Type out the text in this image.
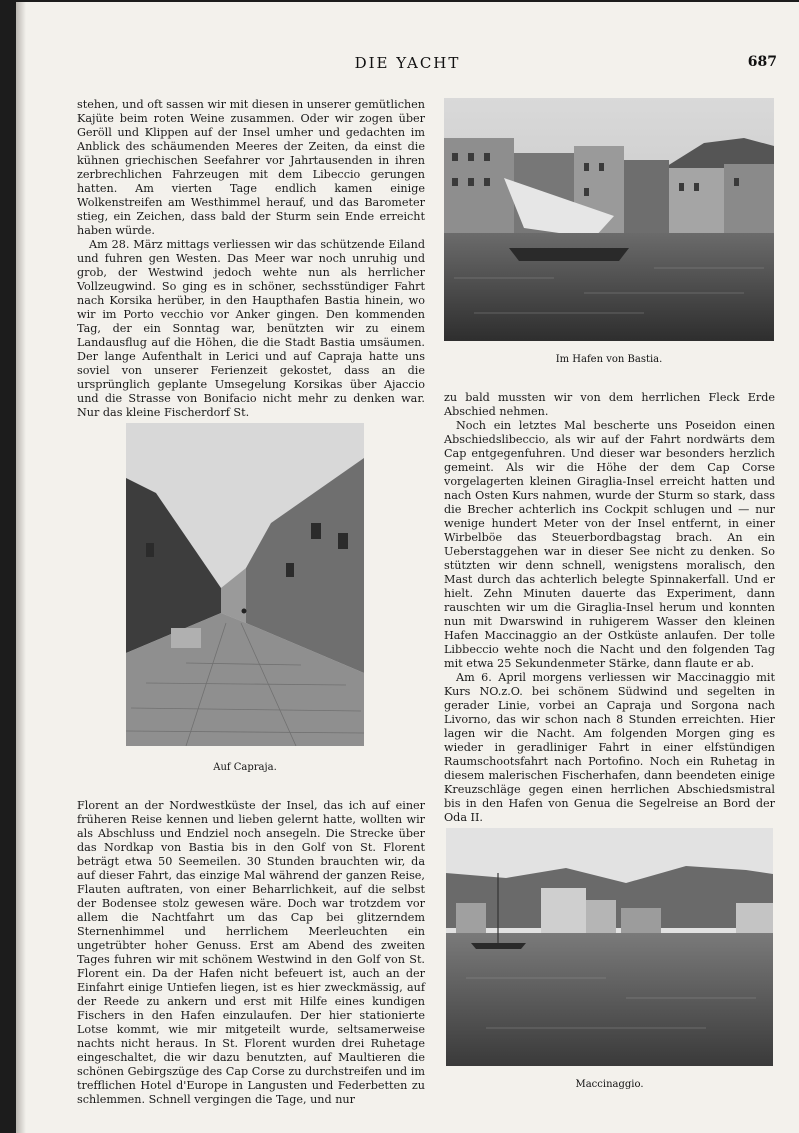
DIE YACHT	687

stehen, und oft sassen wir mit diesen in unserer gemütlichen Kajüte beim roten Weine zusammen. Oder wir zogen über Geröll und Klippen auf der Insel umher und gedachten im Anblick des schäumenden Meeres der Zeiten, da einst die kühnen griechischen Seefahrer vor Jahrtausenden in ihren zerbrechlichen Fahrzeugen mit dem Libeccio gerungen hatten. Am vierten Tage endlich kamen einige Wolkenstreifen am Westhimmel herauf, und das Barometer stieg, ein Zeichen, dass bald der Sturm sein Ende erreicht haben würde.

Am 28. März mittags verliessen wir das schützende Eiland und fuhren gen Westen. Das Meer war noch unruhig und grob, der Westwind jedoch wehte nun als herrlicher Vollzeugwind. So ging es in schöner, sechsstündiger Fahrt nach Korsika herüber, in den Haupthafen Bastia hinein, wo wir im Porto vecchio vor Anker gingen. Den kommenden Tag, der ein Sonntag war, benützten wir zu einem Landausflug auf die Höhen, die die Stadt Bastia umsäumen. Der lange Aufenthalt in Lerici und auf Capraja hatte uns soviel von unserer Ferienzeit gekostet, dass an die ursprünglich geplante Umsegelung Korsikas über Ajaccio und die Strasse von Bonifacio nicht mehr zu denken war. Nur das kleine Fischerdorf St.

Im Hafen von Bastia.
Auf Capraja.

Florent an der Nordwestküste der Insel, das ich auf einer früheren Reise kennen und lieben gelernt hatte, wollten wir als Abschluss und Endziel noch ansegeln. Die Strecke über das Nordkap von Bastia bis in den Golf von St. Florent beträgt etwa 50 Seemeilen. 30 Stunden brauchten wir, da auf dieser Fahrt, das einzige Mal während der ganzen Reise, Flauten auftraten, von einer Beharrlichkeit, auf die selbst der Bodensee stolz gewesen wäre. Doch war trotzdem vor allem die Nachtfahrt um das Cap bei glitzerndem Sternenhimmel und herrlichem Meerleuchten ein ungetrübter hoher Genuss. Erst am Abend des zweiten Tages fuhren wir mit schönem Westwind in den Golf von St. Florent ein. Da der Hafen nicht befeuert ist, auch an der Einfahrt einige Untiefen liegen, ist es hier zweckmässig, auf der Reede zu ankern und erst mit Hilfe eines kundigen Fischers in den Hafen einzulaufen. Der hier stationierte Lotse kommt, wie mir mitgeteilt wurde, seltsamerweise nachts nicht heraus. In St. Florent wurden drei Ruhetage eingeschaltet, die wir dazu benutzten, auf Maultieren die schönen Gebirgszüge des Cap Corse zu durchstreifen und im trefflichen Hotel d'Europe in Langusten und Federbetten zu schlemmen. Schnell vergingen die Tage, und nur

zu bald mussten wir von dem herrlichen Fleck Erde Abschied nehmen.

Noch ein letztes Mal bescherte uns Poseidon einen Abschiedslibeccio, als wir auf der Fahrt nordwärts dem Cap entgegenfuhren. Und dieser war besonders herzlich gemeint. Als wir die Höhe der dem Cap Corse vorgelagerten kleinen Giraglia-Insel erreicht hatten und nach Osten Kurs nahmen, wurde der Sturm so stark, dass die Brecher achterlich ins Cockpit schlugen und — nur wenige hundert Meter von der Insel entfernt, in einer Wirbelböe das Steuerbordbagstag brach. An ein Ueberstaggehen war in dieser See nicht zu denken. So stützten wir denn schnell, wenigstens moralisch, den Mast durch das achterlich belegte Spinnakerfall. Und er hielt. Zehn Minuten dauerte das Experiment, dann rauschten wir um die Giraglia-Insel herum und konnten nun mit Dwarswind in ruhigerem Wasser den kleinen Hafen Maccinaggio an der Ostküste anlaufen. Der tolle Libbeccio wehte noch die Nacht und den folgenden Tag mit etwa 25 Sekundenmeter Stärke, dann flaute er ab.

Am 6. April morgens verliessen wir Maccinaggio mit Kurs NO.z.O. bei schönem Südwind und segelten in gerader Linie, vorbei an Capraja und Sorgona nach Livorno, das wir schon nach 8 Stunden erreichten. Hier lagen wir die Nacht. Am folgenden Morgen ging es wieder in geradliniger Fahrt in einer elfstündigen Raumschootsfahrt nach Portofino. Noch ein Ruhetag in diesem malerischen Fischerhafen, dann beendeten einige Kreuzschläge gegen einen herrlichen Abschiedsmistral bis in den Hafen von Genua die Segelreise an Bord der Oda II.

Maccinaggio.
